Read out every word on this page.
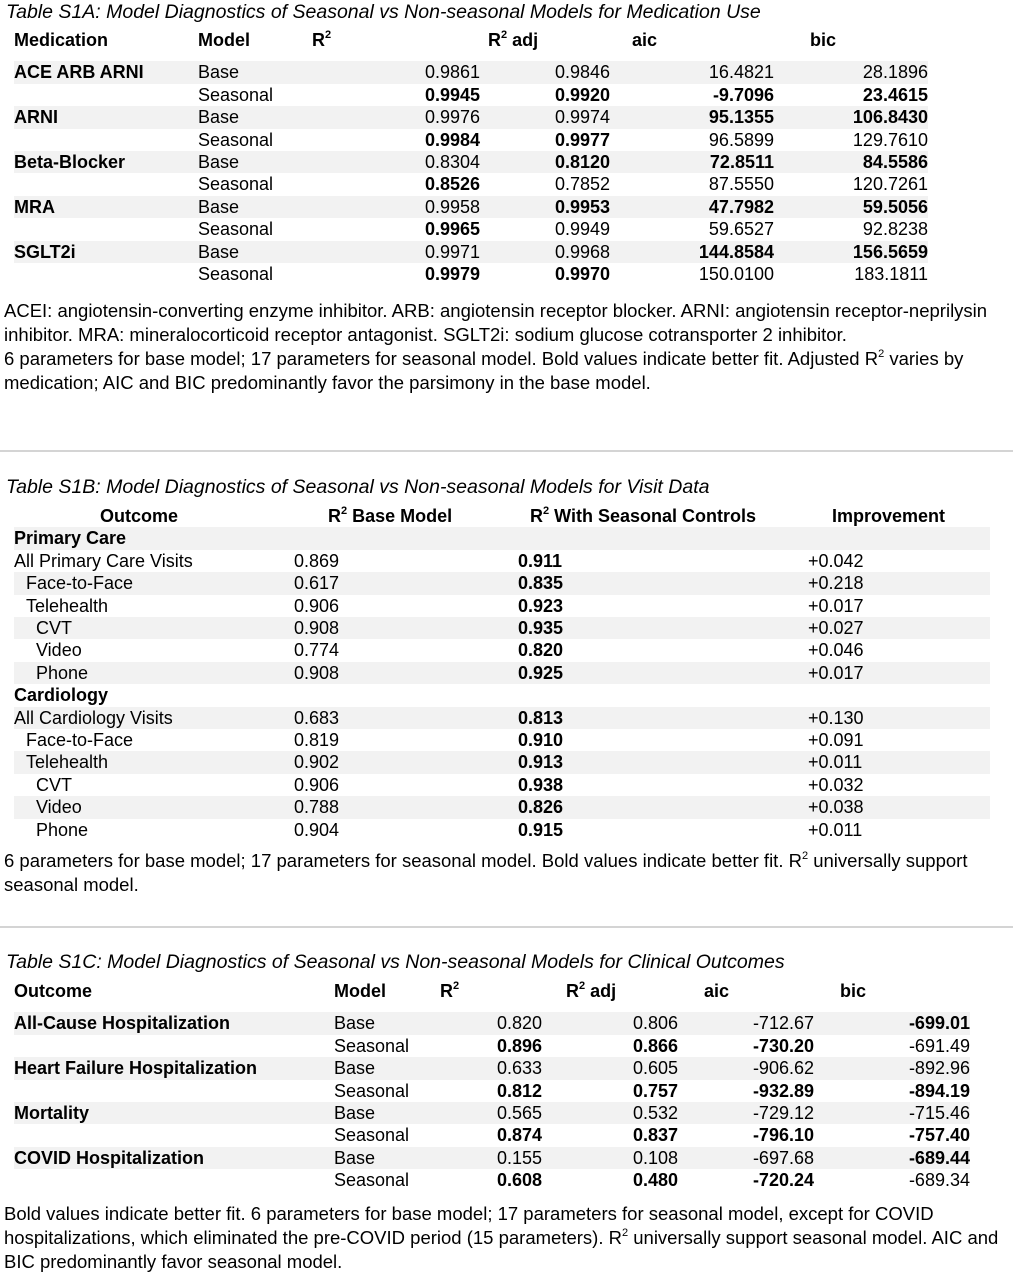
Table S1A: Model Diagnostics of Seasonal vs Non-seasonal Models for Medication Use
Medication	Model	$R^2$	$R^2$ adj	aic	bic

ACE ARB ARNI	Base	0.9861	0.9846	16.4821	28.1896
	Seasonal	0.9945	0.9920	-9.7096	23.4615
ARNI	Base	0.9976	0.9974	95.1355	106.8430
	Seasonal	0.9984	0.9977	96.5899	129.7610
Beta-Blocker	Base	0.8304	0.8120	72.8511	84.5586
	Seasonal	0.8526	0.7852	87.5550	120.7261
MRA	Base	0.9958	0.9953	47.7982	59.5056
	Seasonal	0.9965	0.9949	59.6527	92.8238
SGLT2i	Base	0.9971	0.9968	144.8584	156.5659
	Seasonal	0.9979	0.9970	150.0100	183.1811
ACEI: angiotensin-converting enzyme inhibitor. ARB: angiotensin receptor blocker. ARNI: angiotensin receptor-neprilysin inhibitor. MRA: mineralocorticoid receptor antagonist. SGLT2i: sodium glucose cotransporter 2 inhibitor.
6 parameters for base model; 17 parameters for seasonal model. Bold values indicate better fit. Adjusted $R^2$ varies by medication; AIC and BIC predominantly favor the parsimony in the base model.
Table S1B: Model Diagnostics of Seasonal vs Non-seasonal Models for Visit Data
Outcome	$R^2$ Base Model	$R^2$ With Seasonal Controls	Improvement
Primary Care			
All Primary Care Visits	0.869	0.911	+0.042
Face-to-Face	0.617	0.835	+0.218
Telehealth	0.906	0.923	+0.017
CVT	0.908	0.935	+0.027
Video	0.774	0.820	+0.046
Phone	0.908	0.925	+0.017
Cardiology			
All Cardiology Visits	0.683	0.813	+0.130
Face-to-Face	0.819	0.910	+0.091
Telehealth	0.902	0.913	+0.011
CVT	0.906	0.938	+0.032
Video	0.788	0.826	+0.038
Phone	0.904	0.915	+0.011
6 parameters for base model; 17 parameters for seasonal model. Bold values indicate better fit. $R^2$ universally support seasonal model.
Table S1C: Model Diagnostics of Seasonal vs Non-seasonal Models for Clinical Outcomes
Outcome	Model	$R^2$	$R^2$ adj	aic	bic

All-Cause Hospitalization	Base	0.820	0.806	-712.67	-699.01
	Seasonal	0.896	0.866	-730.20	-691.49
Heart Failure Hospitalization	Base	0.633	0.605	-906.62	-892.96
	Seasonal	0.812	0.757	-932.89	-894.19
Mortality	Base	0.565	0.532	-729.12	-715.46
	Seasonal	0.874	0.837	-796.10	-757.40
COVID Hospitalization	Base	0.155	0.108	-697.68	-689.44
	Seasonal	0.608	0.480	-720.24	-689.34
Bold values indicate better fit. 6 parameters for base model; 17 parameters for seasonal model, except for COVID hospitalizations, which eliminated the pre-COVID period (15 parameters). $R^2$ universally support seasonal model. AIC and BIC predominantly favor seasonal model.
